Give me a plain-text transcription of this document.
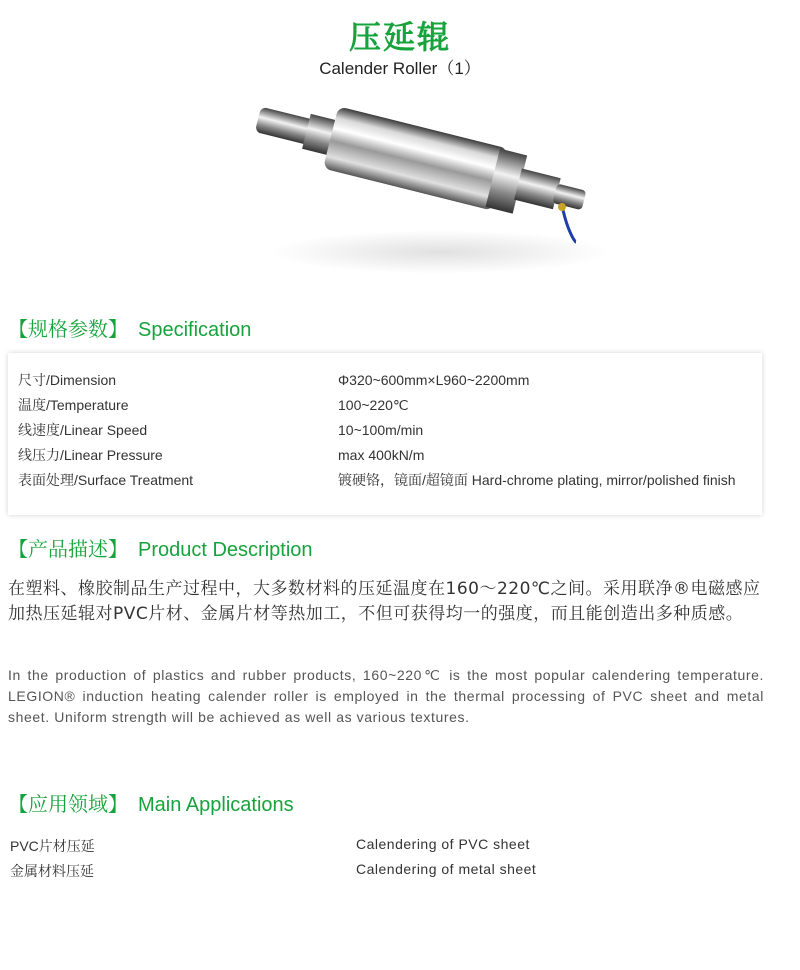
压延辊
Calender Roller（1）
【规格参数】 Specification
尺寸/Dimension	Φ320~600mm×L960~2200mm
温度/Temperature	100~220℃
线速度/Linear Speed	10~100m/min
线压力/Linear Pressure	max 400kN/m
表面处理/Surface Treatment	镀硬铬，镜面/超镜面 Hard-chrome plating, mirror/polished finish
【产品描述】 Product Description
在塑料、橡胶制品生产过程中，大多数材料的压延温度在160～220℃之间。采用联净®电磁感应加热压延辊对PVC片材、金属片材等热加工，不但可获得均一的强度，而且能创造出多种质感。
In the production of plastics and rubber products, 160~220℃ is the most popular calendering temperature. LEGION® induction heating calender roller is employed in the thermal processing of PVC sheet and metal sheet. Uniform strength will be achieved as well as various textures.
【应用领域】 Main Applications
PVC片材压延	Calendering of PVC sheet
金属材料压延	Calendering of metal sheet
